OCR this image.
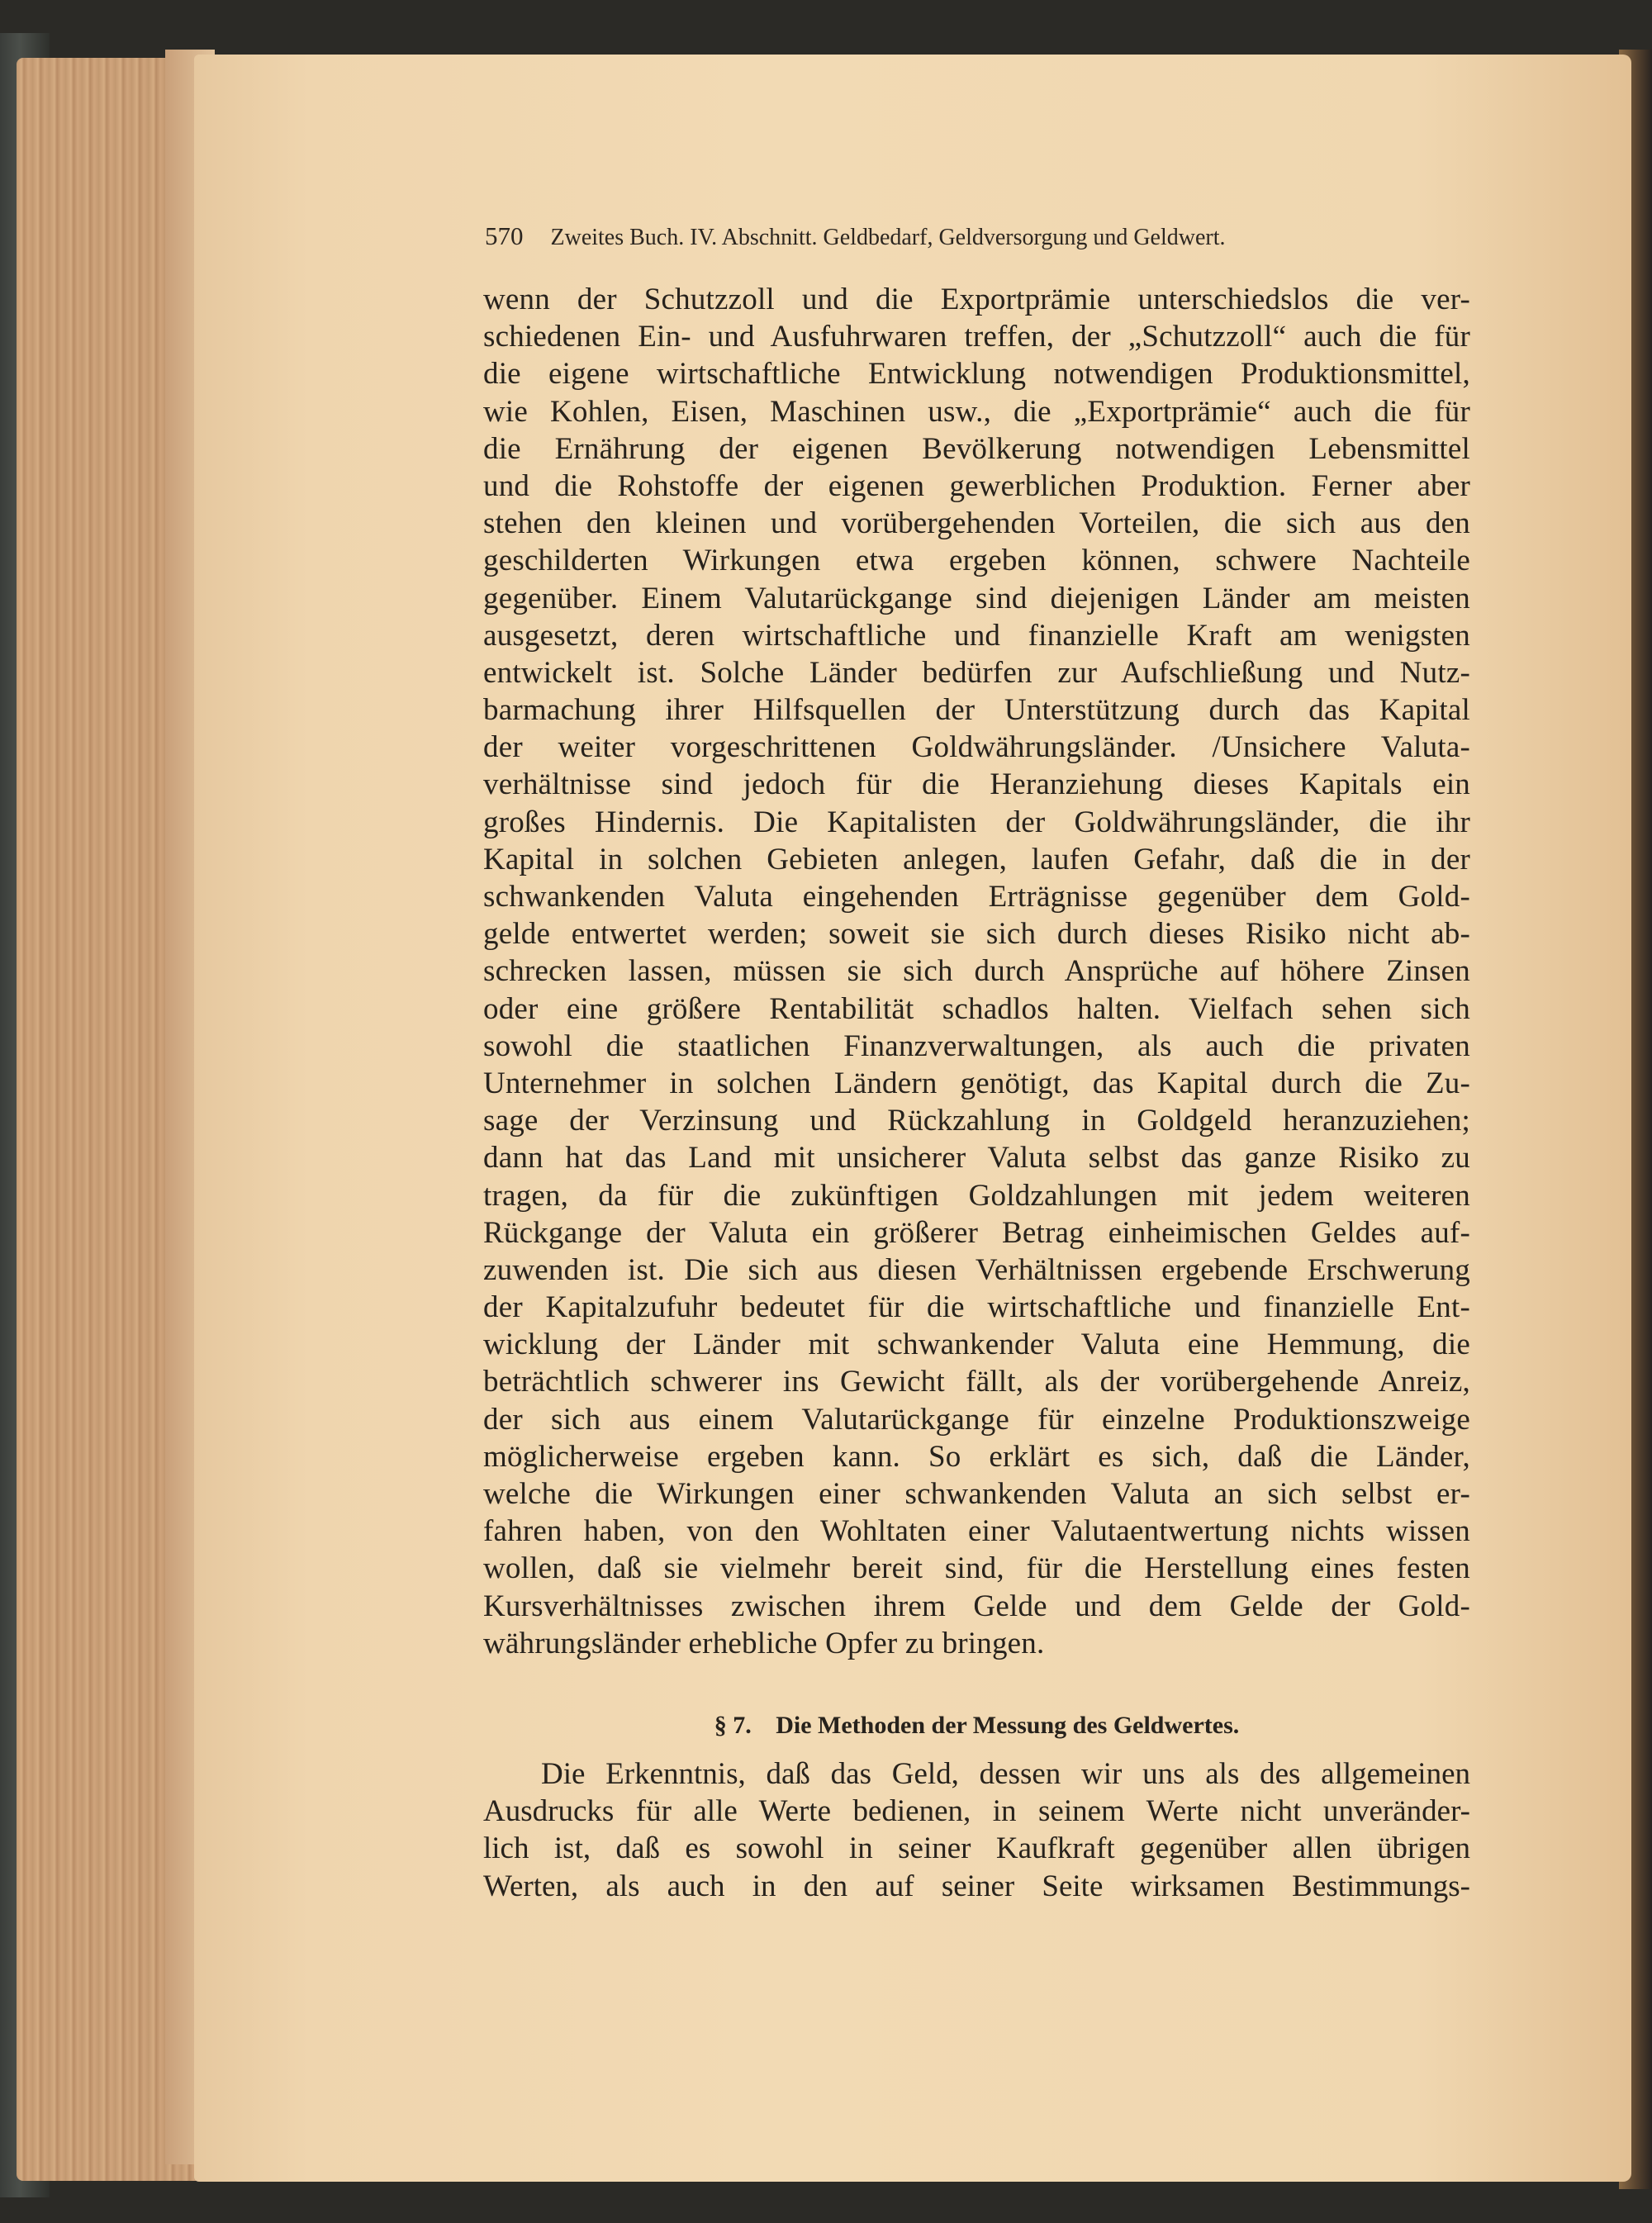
570 Zweites Buch. IV. Abschnitt. Geldbedarf, Geldversorgung und Geldwert.
wenn der Schutzzoll und die Exportprämie unterschiedslos die ver-
schiedenen Ein- und Ausfuhrwaren treffen, der „Schutzzoll“ auch die für
die eigene wirtschaftliche Entwicklung notwendigen Produktionsmittel,
wie Kohlen, Eisen, Maschinen usw., die „Exportprämie“ auch die für
die Ernährung der eigenen Bevölkerung notwendigen Lebensmittel
und die Rohstoffe der eigenen gewerblichen Produktion. Ferner aber
stehen den kleinen und vorübergehenden Vorteilen, die sich aus den
geschilderten Wirkungen etwa ergeben können, schwere Nachteile
gegenüber. Einem Valutarückgange sind diejenigen Länder am meisten
ausgesetzt, deren wirtschaftliche und finanzielle Kraft am wenigsten
entwickelt ist. Solche Länder bedürfen zur Aufschließung und Nutz-
barmachung ihrer Hilfsquellen der Unterstützung durch das Kapital
der weiter vorgeschrittenen Goldwährungsländer. /Unsichere Valuta-
verhältnisse sind jedoch für die Heranziehung dieses Kapitals ein
großes Hindernis. Die Kapitalisten der Goldwährungsländer, die ihr
Kapital in solchen Gebieten anlegen, laufen Gefahr, daß die in der
schwankenden Valuta eingehenden Erträgnisse gegenüber dem Gold-
gelde entwertet werden; soweit sie sich durch dieses Risiko nicht ab-
schrecken lassen, müssen sie sich durch Ansprüche auf höhere Zinsen
oder eine größere Rentabilität schadlos halten. Vielfach sehen sich
sowohl die staatlichen Finanzverwaltungen, als auch die privaten
Unternehmer in solchen Ländern genötigt, das Kapital durch die Zu-
sage der Verzinsung und Rückzahlung in Goldgeld heranzuziehen;
dann hat das Land mit unsicherer Valuta selbst das ganze Risiko zu
tragen, da für die zukünftigen Goldzahlungen mit jedem weiteren
Rückgange der Valuta ein größerer Betrag einheimischen Geldes auf-
zuwenden ist. Die sich aus diesen Verhältnissen ergebende Erschwerung
der Kapitalzufuhr bedeutet für die wirtschaftliche und finanzielle Ent-
wicklung der Länder mit schwankender Valuta eine Hemmung, die
beträchtlich schwerer ins Gewicht fällt, als der vorübergehende Anreiz,
der sich aus einem Valutarückgange für einzelne Produktionszweige
möglicherweise ergeben kann. So erklärt es sich, daß die Länder,
welche die Wirkungen einer schwankenden Valuta an sich selbst er-
fahren haben, von den Wohltaten einer Valutaentwertung nichts wissen
wollen, daß sie vielmehr bereit sind, für die Herstellung eines festen
Kursverhältnisses zwischen ihrem Gelde und dem Gelde der Gold-
währungsländer erhebliche Opfer zu bringen.
§ 7. Die Methoden der Messung des Geldwertes.
Die Erkenntnis, daß das Geld, dessen wir uns als des allgemeinen
Ausdrucks für alle Werte bedienen, in seinem Werte nicht unveränder-
lich ist, daß es sowohl in seiner Kaufkraft gegenüber allen übrigen
Werten, als auch in den auf seiner Seite wirksamen Bestimmungs-
